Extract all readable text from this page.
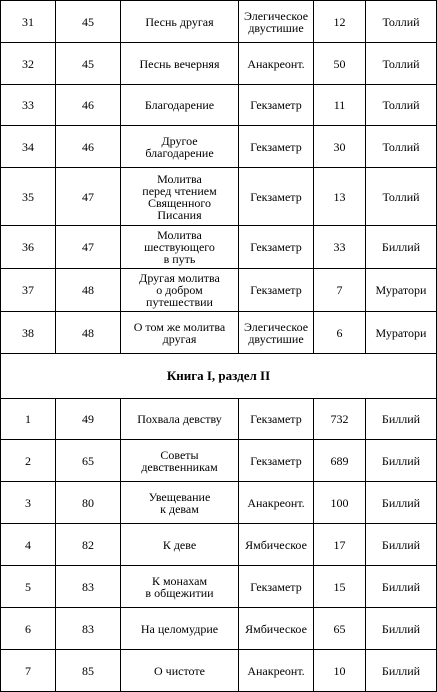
31	45	Песнь другая	Элегическое
двустишие	12	Толлий
32	45	Песнь вечерняя	Анакреонт.	50	Толлий
33	46	Благодарение	Гекзаметр	11	Толлий
34	46	Другое
благодарение	Гекзаметр	30	Толлий
35	47	Молитва
перед чтением
Священного
Писания	Гекзаметр	13	Толлий
36	47	Молитва
шествующего
в путь	Гекзаметр	33	Биллий
37	48	Другая молитва
о добром
путешествии	Гекзаметр	7	Муратори
38	48	О том же молитва
другая	Элегическое
двустишие	6	Муратори
Книга I, раздел II					
1	49	Похвала девству	Гекзаметр	732	Биллий
2	65	Советы
девственникам	Гекзаметр	689	Биллий
3	80	Увещевание
к девам	Анакреонт.	100	Биллий
4	82	К деве	Ямбическое	17	Биллий
5	83	К монахам
в общежитии	Гекзаметр	15	Биллий
6	83	На целомудрие	Ямбическое	65	Биллий
7	85	О чистоте	Анакреонт.	10	Биллий
